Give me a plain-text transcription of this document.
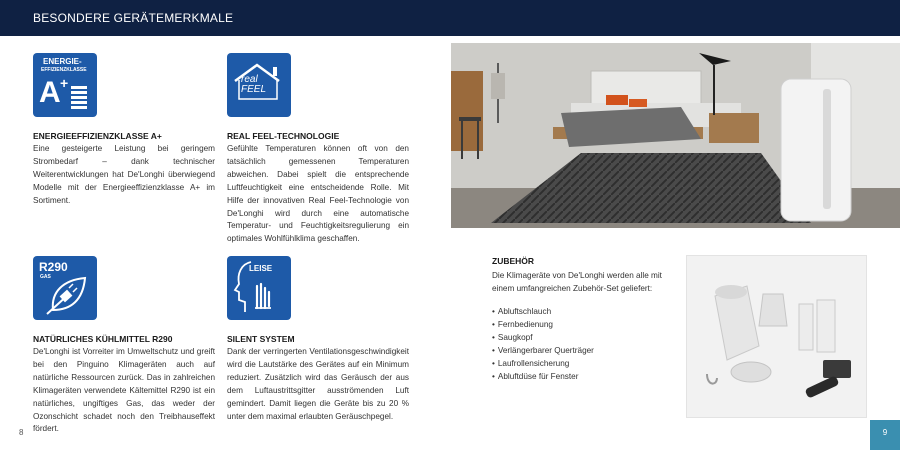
BESONDERE GERÄTEMERKMALE
ENERGIE-
EFFIZIENZKLASSE
A +	real
FEEL
R290
GAS
LEISE
ENERGIEEFFIZIENZKLASSE A+

Eine gesteigerte Leistung bei geringem Strombedarf – dank technischer Weiterentwicklungen hat De'Longhi überwiegend Modelle mit der Energieeffizienzklasse A+ im Sortiment.

REAL FEEL-TECHNOLOGIE

Gefühlte Temperaturen können oft von den tatsächlich gemessenen Temperaturen abweichen. Dabei spielt die entsprechende Luftfeuchtigkeit eine entscheidende Rolle. Mit Hilfe der innovativen Real Feel-Technologie von De'Longhi wird durch eine automatische Temperatur- und Feuchtigkeitsregulierung ein optimales Wohlfühlklima geschaffen.

NATÜRLICHES KÜHLMITTEL R290

De'Longhi ist Vorreiter im Umweltschutz und greift bei den Pinguino Klimageräten auch auf natürliche Ressourcen zurück. Das in zahlreichen Klimageräten verwendete Kältemittel R290 ist ein natürliches, ungiftiges Gas, das weder der Ozonschicht schadet noch den Treibhauseffekt fördert.

SILENT SYSTEM

Dank der verringerten Ventilationsgeschwindigkeit wird die Lautstärke des Gerätes auf ein Minimum reduziert. Zusätzlich wird das Geräusch der aus dem Luftaustrittsgitter ausströmenden Luft gemindert. Damit liegen die Geräte bis zu 20 % unter dem maximal erlaubten Geräuschpegel.

ZUBEHÖR

Die Klimageräte von De'Longhi werden alle mit einem umfangreichen Zubehör-Set geliefert:

• Abluftschlauch
• Fernbedienung
• Saugkopf
• Verlängerbarer Querträger
• Laufrollensicherung
• Abluftdüse für Fenster
8	9
